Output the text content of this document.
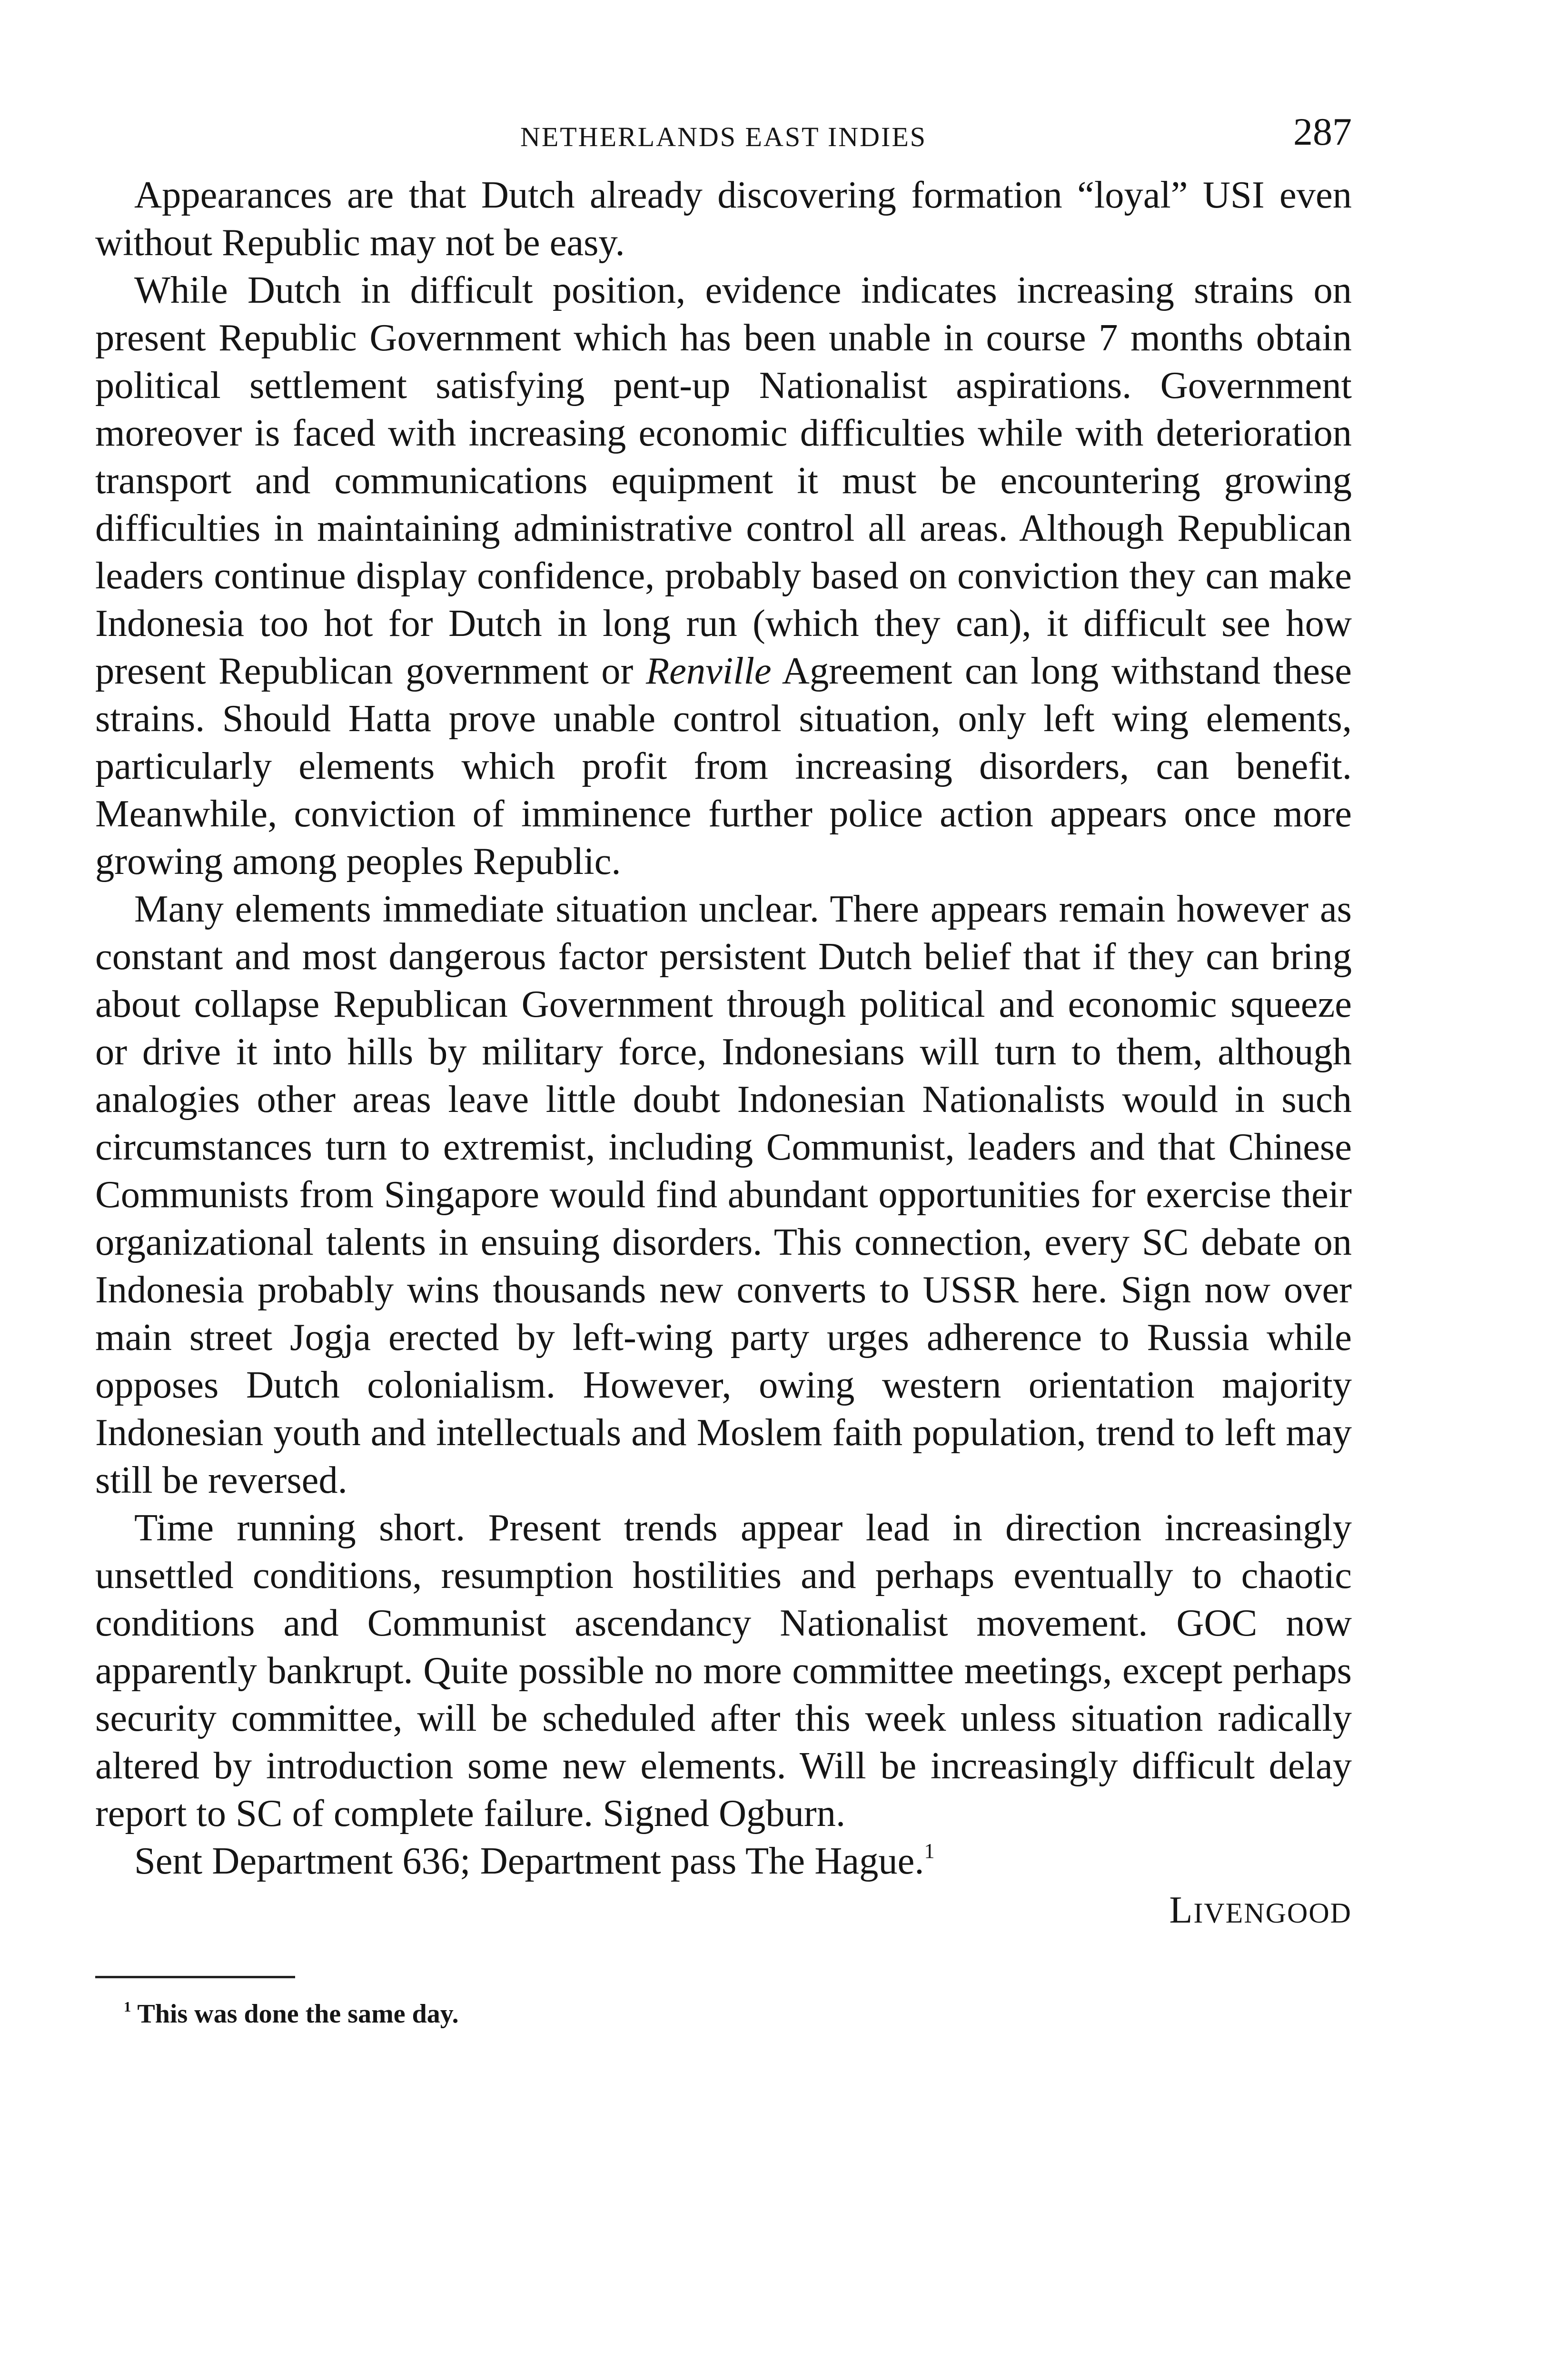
NETHERLANDS EAST INDIES	287

Appearances are that Dutch already discovering formation “loyal” USI even without Republic may not be easy.

While Dutch in difficult position, evidence indicates increasing strains on present Republic Government which has been unable in course 7 months obtain political settlement satisfying pent-up Nationalist aspirations. Government moreover is faced with increasing economic difficulties while with deterioration transport and communications equipment it must be encountering growing difficulties in maintaining administrative control all areas. Although Republican leaders continue display confidence, probably based on conviction they can make Indonesia too hot for Dutch in long run (which they can), it difficult see how present Republican government or Renville Agreement can long withstand these strains. Should Hatta prove unable control situation, only left wing elements, particularly elements which profit from increasing disorders, can benefit. Meanwhile, conviction of imminence further police action appears once more growing among peoples Republic.

Many elements immediate situation unclear. There appears remain however as constant and most dangerous factor persistent Dutch belief that if they can bring about collapse Republican Government through political and economic squeeze or drive it into hills by military force, Indonesians will turn to them, although analogies other areas leave little doubt Indonesian Nationalists would in such circumstances turn to extremist, including Communist, leaders and that Chinese Communists from Singapore would find abundant opportunities for exercise their organizational talents in ensuing disorders. This connection, every SC debate on Indonesia probably wins thousands new converts to USSR here. Sign now over main street Jogja erected by left-wing party urges adherence to Russia while opposes Dutch colonialism. However, owing western orientation majority Indonesian youth and intellectuals and Moslem faith population, trend to left may still be reversed.

Time running short. Present trends appear lead in direction increasingly unsettled conditions, resumption hostilities and perhaps eventually to chaotic conditions and Communist ascendancy Nationalist movement. GOC now apparently bankrupt. Quite possible no more committee meetings, except perhaps security committee, will be scheduled after this week unless situation radically altered by introduction some new elements. Will be increasingly difficult delay report to SC of complete failure. Signed Ogburn.

Sent Department 636; Department pass The Hague.$^1$

LIVENGOOD
$^1$ This was done the same day.
